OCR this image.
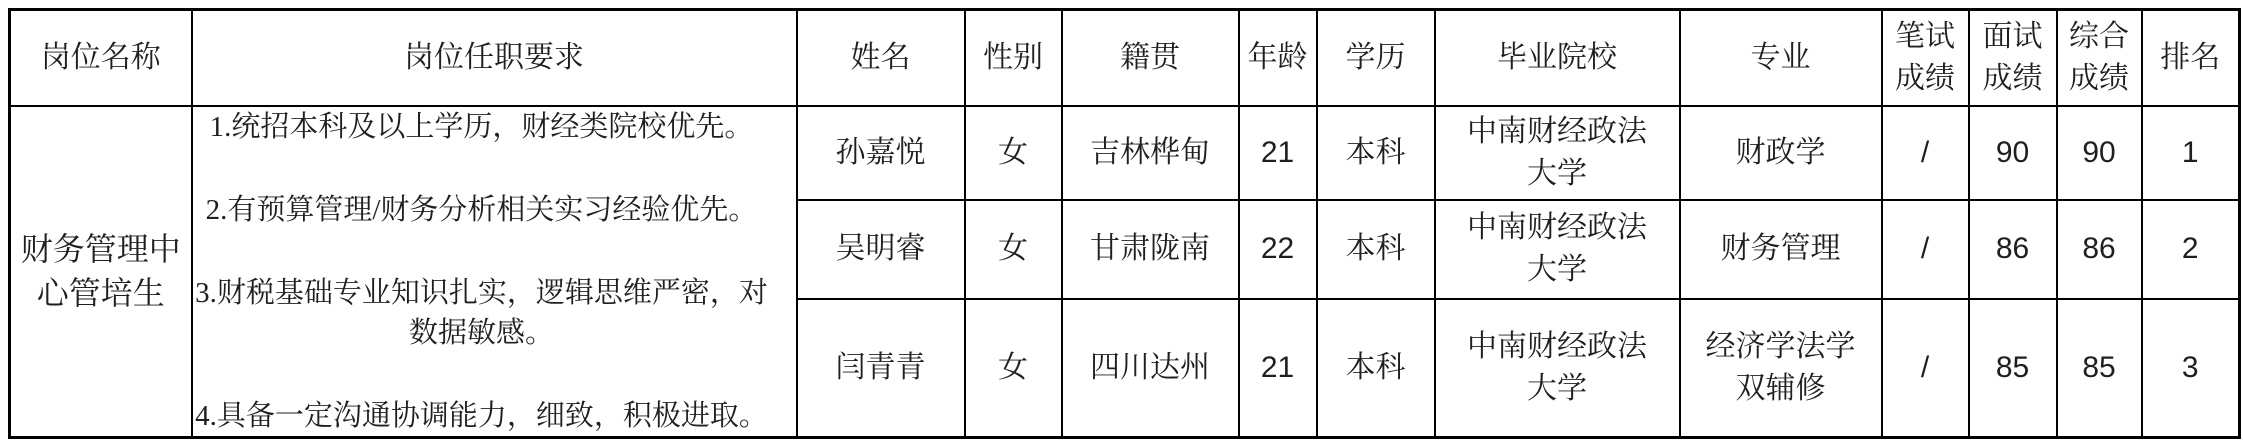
岗位名称	岗位任职要求	姓名	性别	籍贯	年龄	学历	毕业院校	专业	笔试成绩	面试成绩	综合成绩	排名
财务管理中心管培生	1.统招本科及以上学历，财经类院校优先。
2.有预算管理/财务分析相关实习经验优先。
3.财税基础专业知识扎实，逻辑思维严密，对数据敏感。
4.具备一定沟通协调能力，细致，积极进取。	孙嘉悦	女	吉林桦甸	21	本科	中南财经政法大学	财政学	/	90	90	1
		吴明睿	女	甘肃陇南	22	本科	中南财经政法大学	财务管理	/	86	86	2
		闫青青	女	四川达州	21	本科	中南财经政法大学	经济学法学双辅修	/	85	85	3
